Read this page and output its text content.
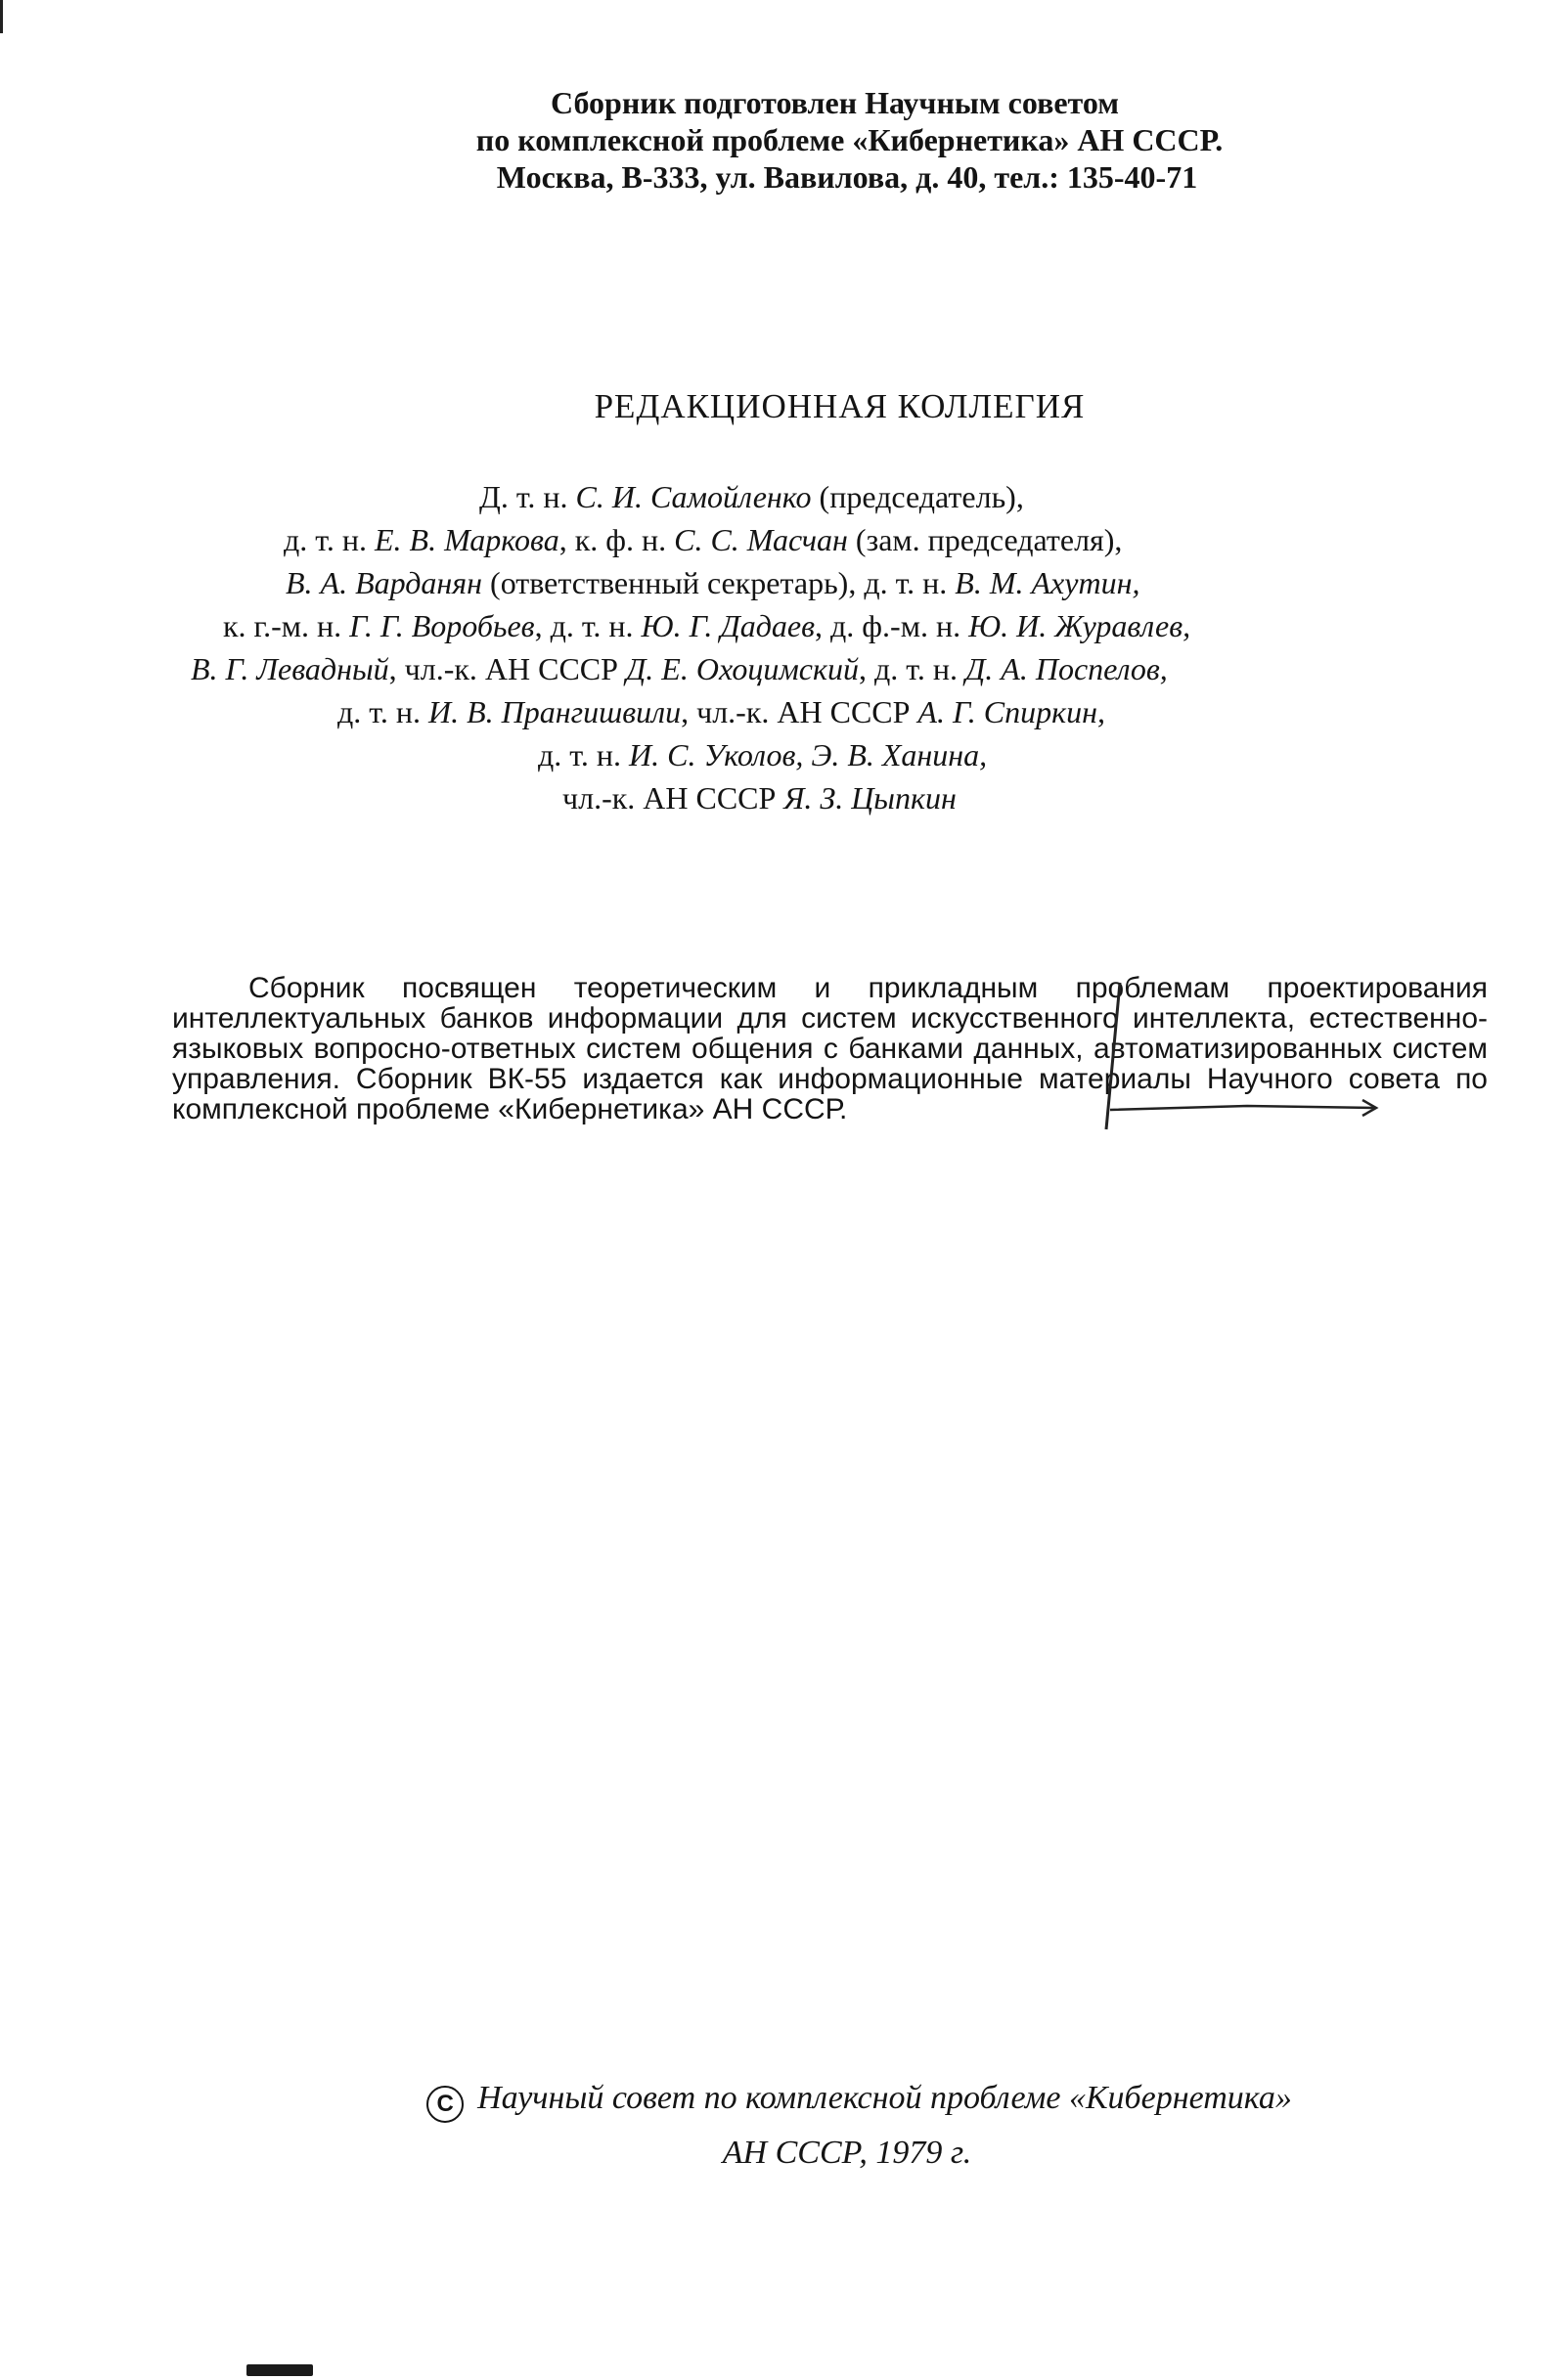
Сборник подготовлен Научным советом
по комплексной проблеме «Кибернетика» АН СССР.
Москва, В-333, ул. Вавилова, д. 40, тел.: 135-40-71
РЕДАКЦИОННАЯ КОЛЛЕГИЯ
Д. т. н. С. И. Самойленко (председатель),
д. т. н. Е. В. Маркова, к. ф. н. С. С. Масчан (зам. председателя),
В. А. Варданян (ответственный секретарь), д. т. н. В. М. Ахутин,
к. г.-м. н. Г. Г. Воробьев, д. т. н. Ю. Г. Дадаев, д. ф.-м. н. Ю. И. Журавлев,
В. Г. Левадный, чл.-к. АН СССР Д. Е. Охоцимский, д. т. н. Д. А. Поспелов,
д. т. н. И. В. Прангишвили, чл.-к. АН СССР А. Г. Спиркин,
д. т. н. И. С. Уколов, Э. В. Ханина,
чл.-к. АН СССР Я. З. Цыпкин

Сборник посвящен теоретическим и прикладным проблемам проектирования интеллектуальных банков информации для систем искусственного интеллекта, естественно-языковых вопросно-ответных систем общения с банками данных, автоматизированных систем управления. Сборник ВК-55 издается как информационные материалы Научного совета по комплексной проблеме «Кибернетика» АН СССР.

C Научный совет по комплексной проблеме «Кибернетика»
АН СССР, 1979 г.
